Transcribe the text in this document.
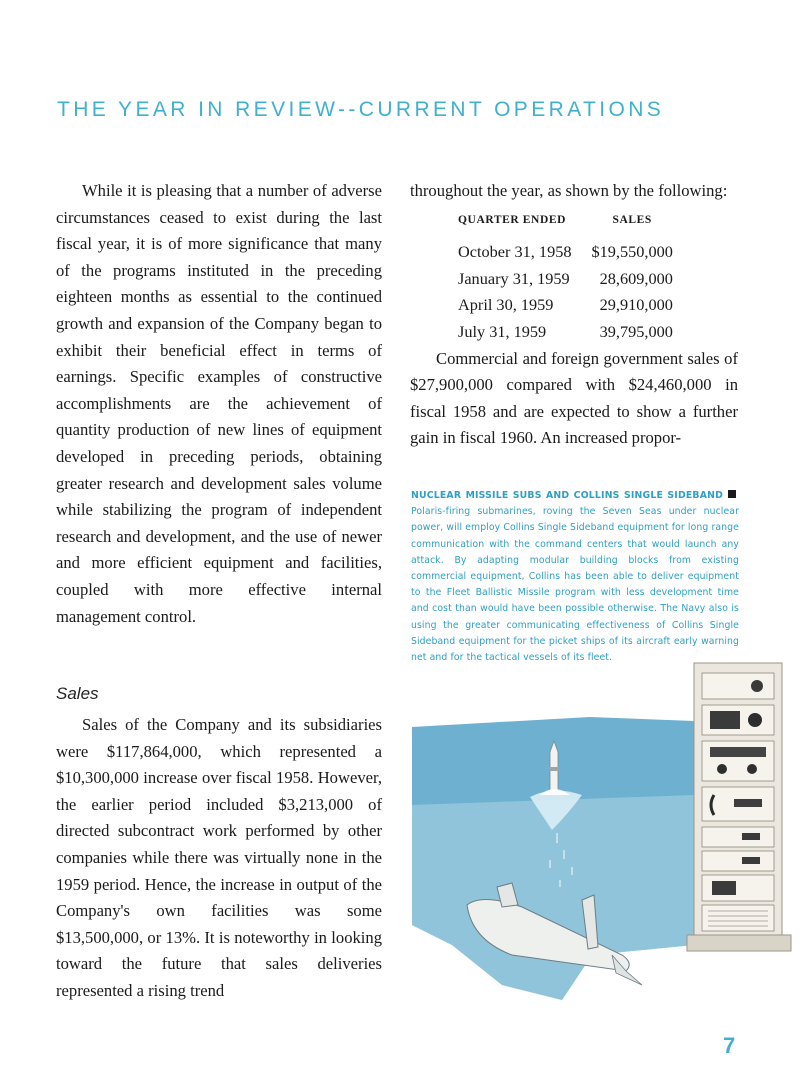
THE YEAR IN REVIEW--CURRENT OPERATIONS

While it is pleasing that a number of adverse circumstances ceased to exist during the last fiscal year, it is of more significance that many of the programs instituted in the preceding eighteen months as essential to the continued growth and expansion of the Company began to exhibit their beneficial effect in terms of earnings. Specific examples of constructive accomplishments are the achievement of quantity production of new lines of equipment developed in preceding periods, obtaining greater research and development sales volume while stabilizing the program of independent research and development, and the use of newer and more efficient equipment and facilities, coupled with more effective internal management control.

Sales

Sales of the Company and its subsidiaries were $117,864,000, which represented a $10,300,000 increase over fiscal 1958. However, the earlier period included $3,213,000 of directed subcontract work performed by other companies while there was virtually none in the 1959 period. Hence, the increase in output of the Company's own facilities was some $13,500,000, or 13%. It is noteworthy in looking toward the future that sales deliveries represented a rising trend

throughout the year, as shown by the following:

QUARTER ENDED	SALES
October 31, 1958	$19,550,000
January 31, 1959	28,609,000
April 30, 1959	29,910,000
July 31, 1959	39,795,000

Commercial and foreign government sales of $27,900,000 compared with $24,460,000 in fiscal 1958 and are expected to show a further gain in fiscal 1960. An increased propor-

NUCLEAR MISSILE SUBS AND COLLINS SINGLE SIDEBANDPolaris-firing submarines, roving the Seven Seas under nuclear power, will employ Collins Single Sideband equipment for long range communication with the command centers that would launch any attack. By adapting modular building blocks from existing commercial equipment, Collins has been able to deliver equipment to the Fleet Ballistic Missile program with less development time and cost than would have been possible otherwise. The Navy also is using the greater communicating effectiveness of Collins Single Sideband equipment for the picket ships of its aircraft early warning net and for the tactical vessels of its fleet.
7
